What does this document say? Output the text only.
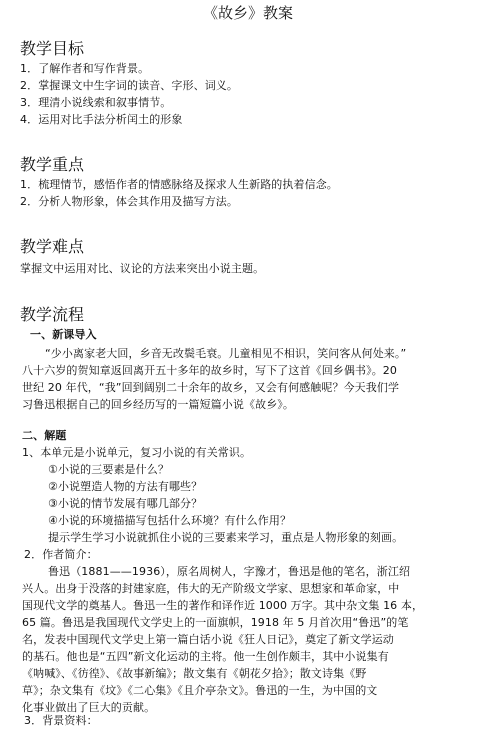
《故乡》教案
教学目标
1．了解作者和写作背景。
2．掌握课文中生字词的读音、字形、词义。
3．理清小说线索和叙事情节。
4．运用对比手法分析闰土的形象
教学重点
1．梳理情节，感悟作者的情感脉络及探求人生新路的执着信念。
2．分析人物形象，体会其作用及描写方法。
教学难点
掌握文中运用对比、议论的方法来突出小说主题。
教学流程
一、新课导入
“少小离家老大回，乡音无改鬓毛衰。儿童相见不相识，笑问客从何处来。”
八十六岁的贺知章返回离开五十多年的故乡时，写下了这首《回乡偶书》。20
世纪 20 年代，“我”回到阔别二十余年的故乡，又会有何感触呢？今天我们学
习鲁迅根据自己的回乡经历写的一篇短篇小说《故乡》。
二、解题
1、本单元是小说单元，复习小说的有关常识。
①小说的三要素是什么？
②小说塑造人物的方法有哪些？
③小说的情节发展有哪几部分？
④小说的环境描描写包括什么环境？有什么作用？
提示学生学习小说就抓住小说的三要素来学习，重点是人物形象的刻画。
2．作者简介：
鲁迅（1881——1936），原名周树人，字豫才，鲁迅是他的笔名，浙江绍
兴人。出身于没落的封建家庭，伟大的无产阶级文学家、思想家和革命家，中
国现代文学的奠基人。鲁迅一生的著作和译作近 1000 万字。其中杂文集 16 本，
65 篇。鲁迅是我国现代文学史上的一面旗帜，1918 年 5 月首次用“鲁迅”的笔
名，发表中国现代文学史上第一篇白话小说《狂人日记》，奠定了新文学运动
的基石。他也是“五四”新文化运动的主将。他一生创作颇丰，其中小说集有
《呐喊》、《彷徨》、《故事新编》；散文集有《朝花夕拾》；散文诗集《野
草》；杂文集有《坟》《二心集》《且介亭杂文》。鲁迅的一生，为中国的文
化事业做出了巨大的贡献。
3．背景资料：
